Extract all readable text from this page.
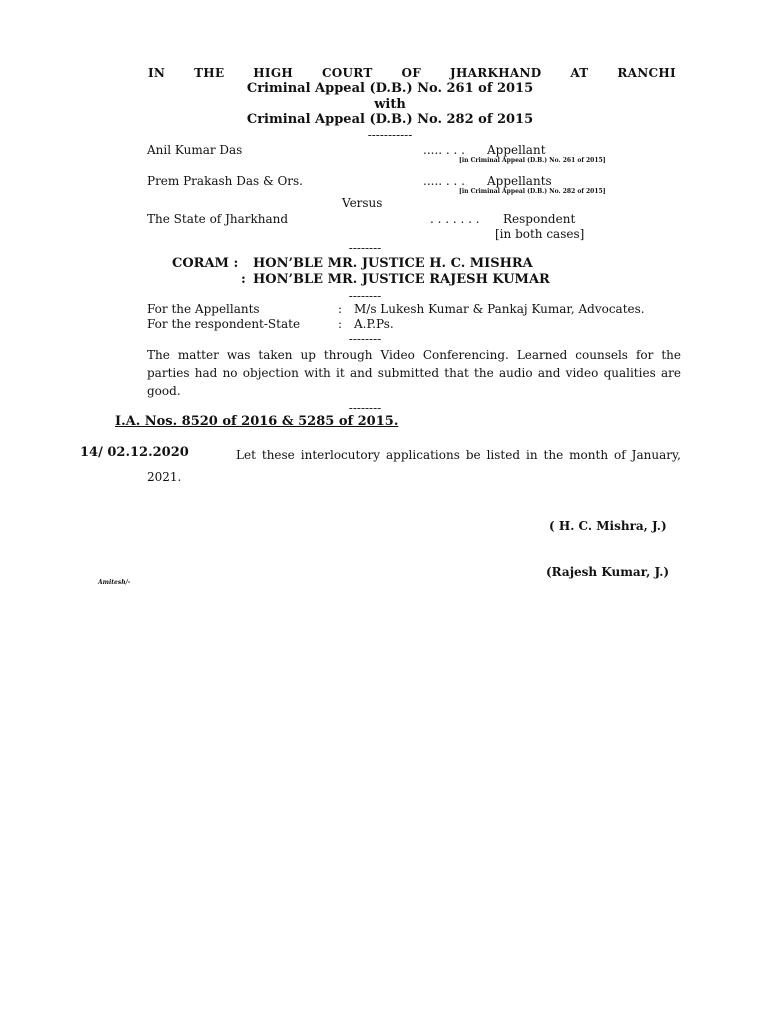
IN THE HIGH COURT OF JHARKHAND AT RANCHI
Criminal Appeal (D.B.) No. 261 of 2015
with
Criminal Appeal (D.B.) No. 282 of 2015
-----------
Anil Kumar Das	..... . . . Appellant
[in Criminal Appeal (D.B.) No. 261 of 2015]
Prem Prakash Das & Ors.	..... . . . Appellants
[in Criminal Appeal (D.B.) No. 282 of 2015]
Versus
The State of Jharkhand	. . . . . . . Respondent
[in both cases]
--------
CORAM : HON’BLE MR. JUSTICE H. C. MISHRA
: HON’BLE MR. JUSTICE RAJESH KUMAR
--------
For the Appellants	: M/s Lukesh Kumar & Pankaj Kumar, Advocates.
For the respondent-State	: A.P.Ps.
--------
The matter was taken up through Video Conferencing. Learned counsels for the parties had no objection with it and submitted that the audio and video qualities are good.
--------
I.A. Nos. 8520 of 2016 & 5285 of 2015.
14/ 02.12.2020	Let these interlocutory applications be listed in the month of January, 2021.
( H. C. Mishra, J.)
(Rajesh Kumar, J.)
Amitesh/-
